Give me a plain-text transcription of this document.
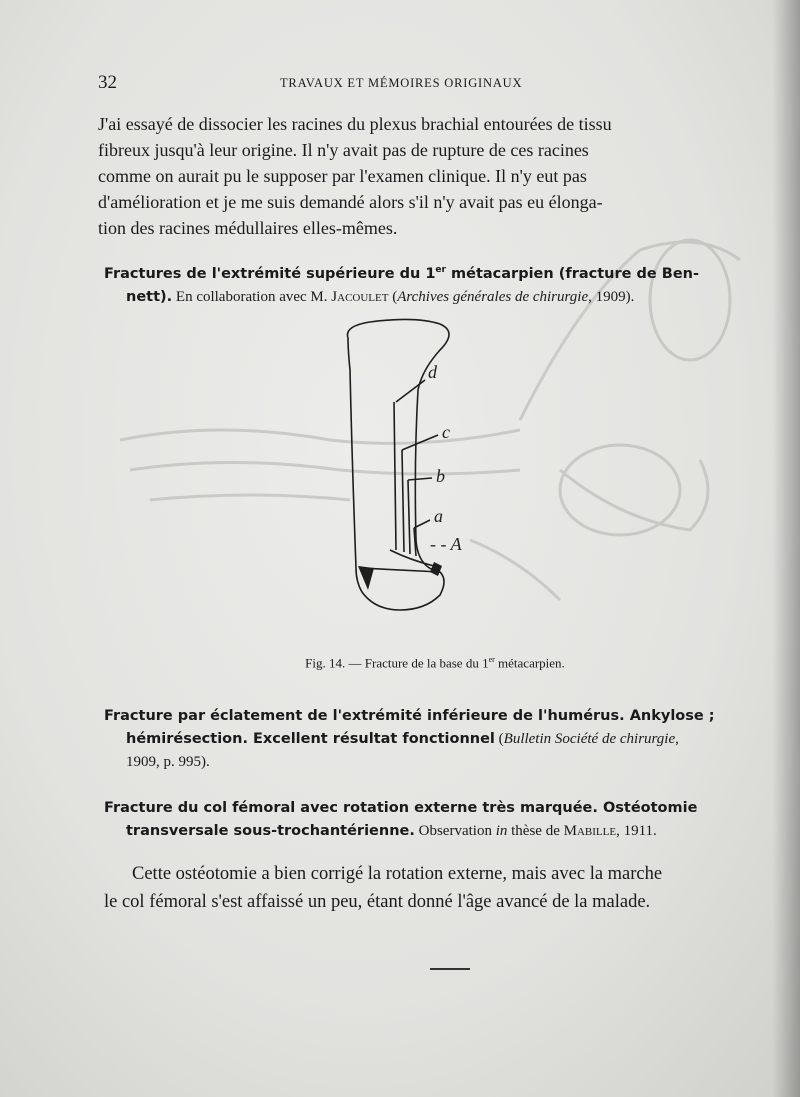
32	TRAVAUX ET MÉMOIRES ORIGINAUX
J'ai essayé de dissocier les racines du plexus brachial entourées de tissu
fibreux jusqu'à leur origine. Il n'y avait pas de rupture de ces racines
comme on aurait pu le supposer par l'examen clinique. Il n'y eut pas
d'amélioration et je me suis demandé alors s'il n'y avait pas eu élonga-
tion des racines médullaires elles-mêmes.
Fractures de l'extrémité supérieure du 1er métacarpien (fracture de Ben-

nett). En collaboration avec M. Jacoulet (Archives générales de chirurgie, 1909).
d
c
b
a
- - A
Fig. 14. — Fracture de la base du 1er métacarpien.
Fracture par éclatement de l'extrémité inférieure de l'humérus. Ankylose ;

hémirésection. Excellent résultat fonctionnel (Bulletin Société de chirurgie,
1909, p. 995).
Fracture du col fémoral avec rotation externe très marquée. Ostéotomie

transversale sous-trochantérienne. Observation in thèse de Mabille, 1911.
Cette ostéotomie a bien corrigé la rotation externe, mais avec la marche
le col fémoral s'est affaissé un peu, étant donné l'âge avancé de la malade.
